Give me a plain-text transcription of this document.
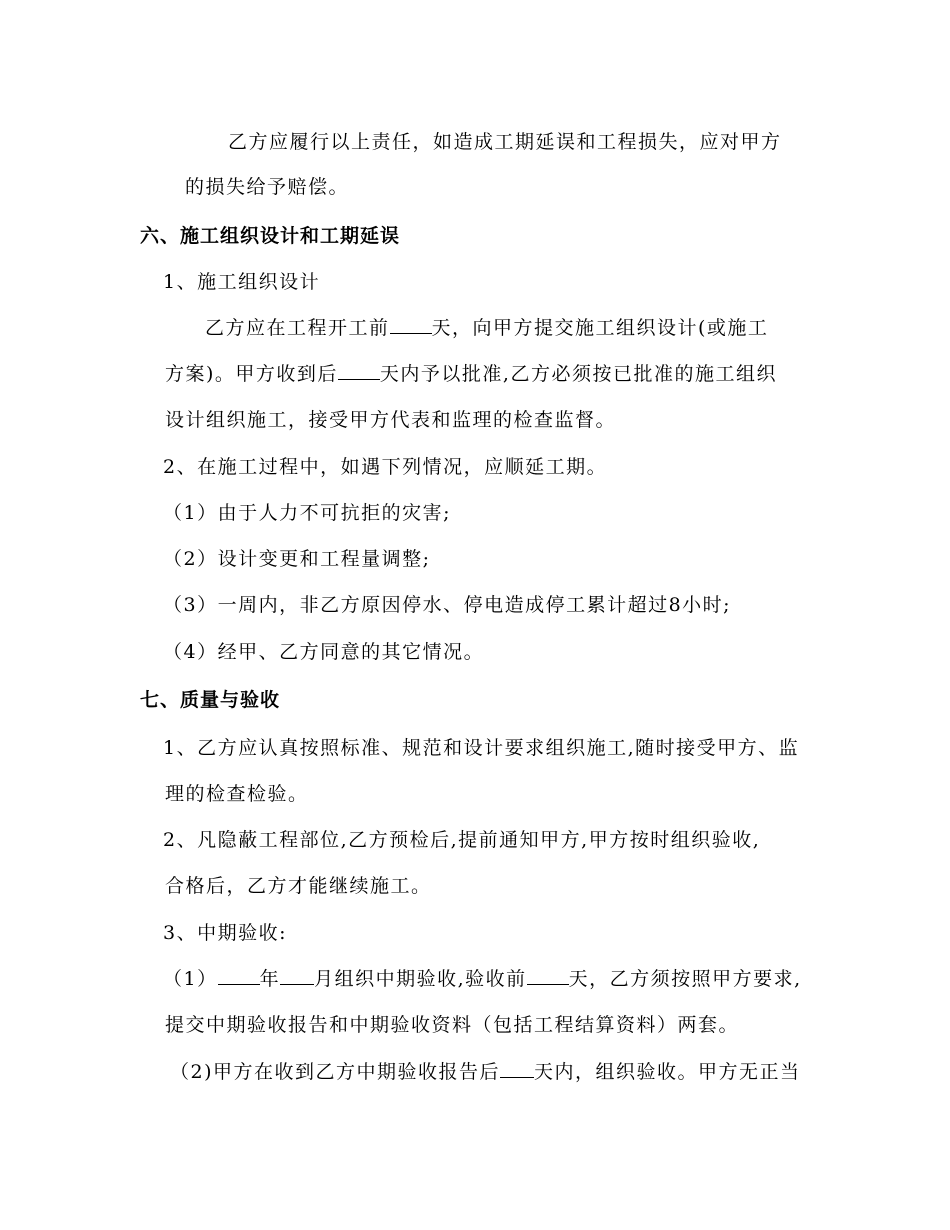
乙方应履行以上责任，如造成工期延误和工程损失，应对甲方
的损失给予赔偿。
六、施工组织设计和工期延误
1、施工组织设计
乙方应在工程开工前 天，向甲方提交施工组织设计(或施工
方案)。甲方收到后 天内予以批准,乙方必须按已批准的施工组织
设计组织施工，接受甲方代表和监理的检查监督。
2、在施工过程中，如遇下列情况，应顺延工期。
（1）由于人力不可抗拒的灾害;
（2）设计变更和工程量调整;
（3）一周内，非乙方原因停水、停电造成停工累计超过8小时;
（4）经甲、乙方同意的其它情况。
七、质量与验收
1、乙方应认真按照标准、规范和设计要求组织施工,随时接受甲方、监
理的检查检验。
2、凡隐蔽工程部位,乙方预检后,提前通知甲方,甲方按时组织验收,
合格后，乙方才能继续施工。
3、中期验收:
（1） 年 月组织中期验收,验收前 天，乙方须按照甲方要求,
提交中期验收报告和中期验收资料（包括工程结算资料）两套。
（2)甲方在收到乙方中期验收报告后 天内，组织验收。甲方无正当
